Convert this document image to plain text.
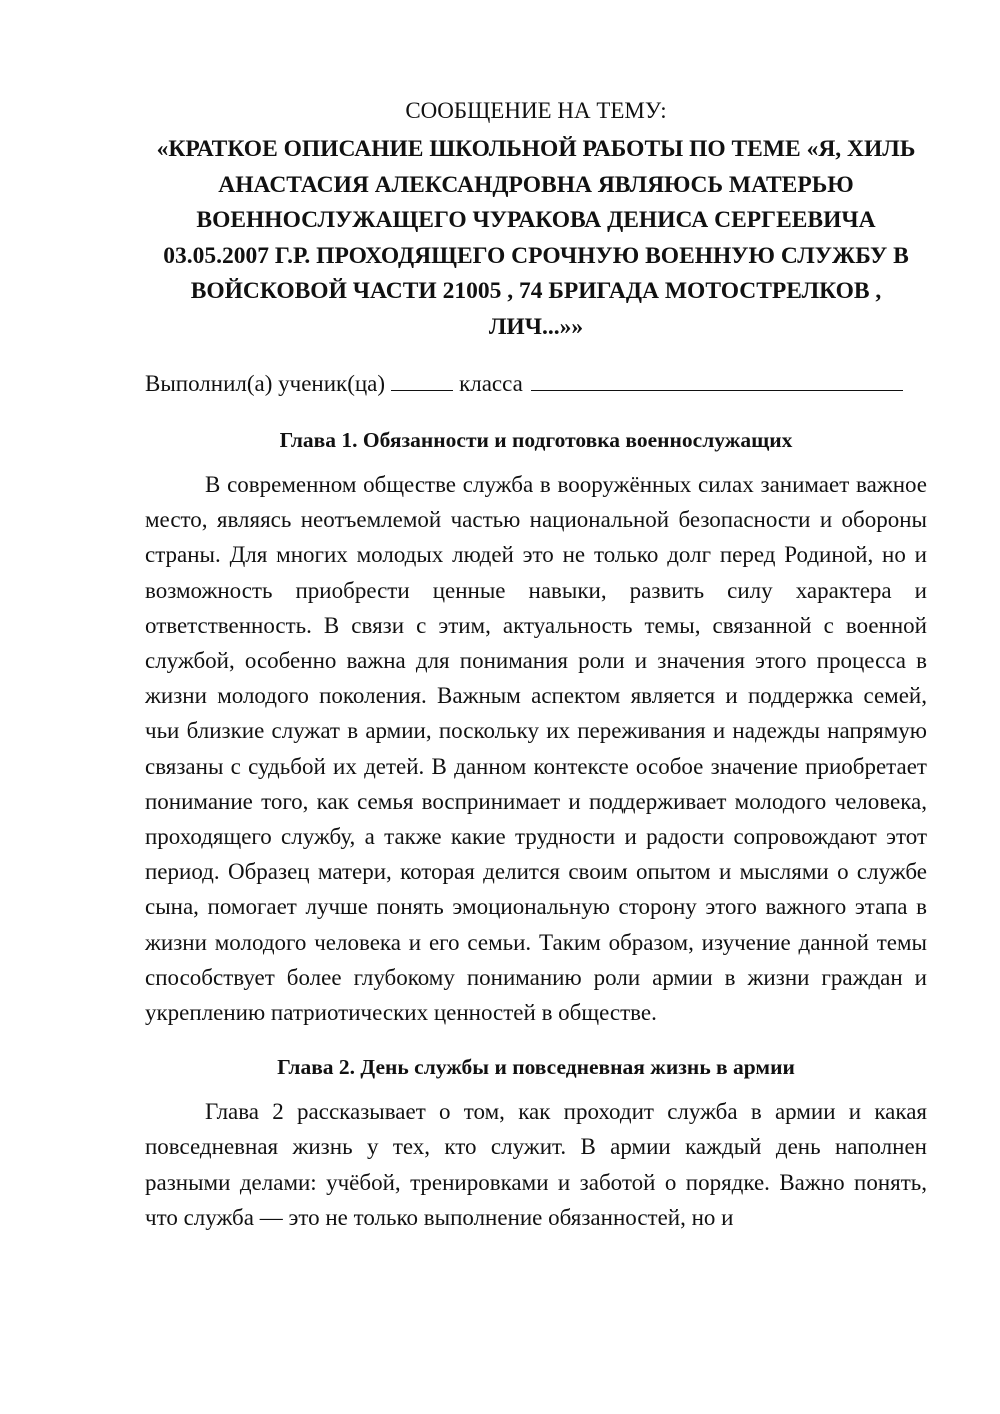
СООБЩЕНИЕ НА ТЕМУ:

«КРАТКОЕ ОПИСАНИЕ ШКОЛЬНОЙ РАБОТЫ ПО ТЕМЕ «Я, ХИЛЬ АНАСТАСИЯ АЛЕКСАНДРОВНА ЯВЛЯЮСЬ МАТЕРЬЮ ВОЕННОСЛУЖАЩЕГО ЧУРАКОВА ДЕНИСА СЕРГЕЕВИЧА 03.05.2007 Г.Р. ПРОХОДЯЩЕГО СРОЧНУЮ ВОЕННУЮ СЛУЖБУ В ВОЙСКОВОЙ ЧАСТИ 21005 , 74 БРИГАДА МОТОСТРЕЛКОВ , ЛИЧ...»»

Выполнил(а) ученик(ца)	класса

Глава 1. Обязанности и подготовка военнослужащих

В современном обществе служба в вооружённых силах занимает важное место, являясь неотъемлемой частью национальной безопасности и обороны страны. Для многих молодых людей это не только долг перед Родиной, но и возможность приобрести ценные навыки, развить силу характера и ответственность. В связи с этим, актуальность темы, связанной с военной службой, особенно важна для понимания роли и значения этого процесса в жизни молодого поколения. Важным аспектом является и поддержка семей, чьи близкие служат в армии, поскольку их переживания и надежды напрямую связаны с судьбой их детей. В данном контексте особое значение приобретает понимание того, как семья воспринимает и поддерживает молодого человека, проходящего службу, а также какие трудности и радости сопровождают этот период. Образец матери, которая делится своим опытом и мыслями о службе сына, помогает лучше понять эмоциональную сторону этого важного этапа в жизни молодого человека и его семьи. Таким образом, изучение данной темы способствует более глубокому пониманию роли армии в жизни граждан и укреплению патриотических ценностей в обществе.

Глава 2. День службы и повседневная жизнь в армии

Глава 2 рассказывает о том, как проходит служба в армии и какая повседневная жизнь у тех, кто служит. В армии каждый день наполнен разными делами: учёбой, тренировками и заботой о порядке. Важно понять, что служба — это не только выполнение обязанностей, но и
